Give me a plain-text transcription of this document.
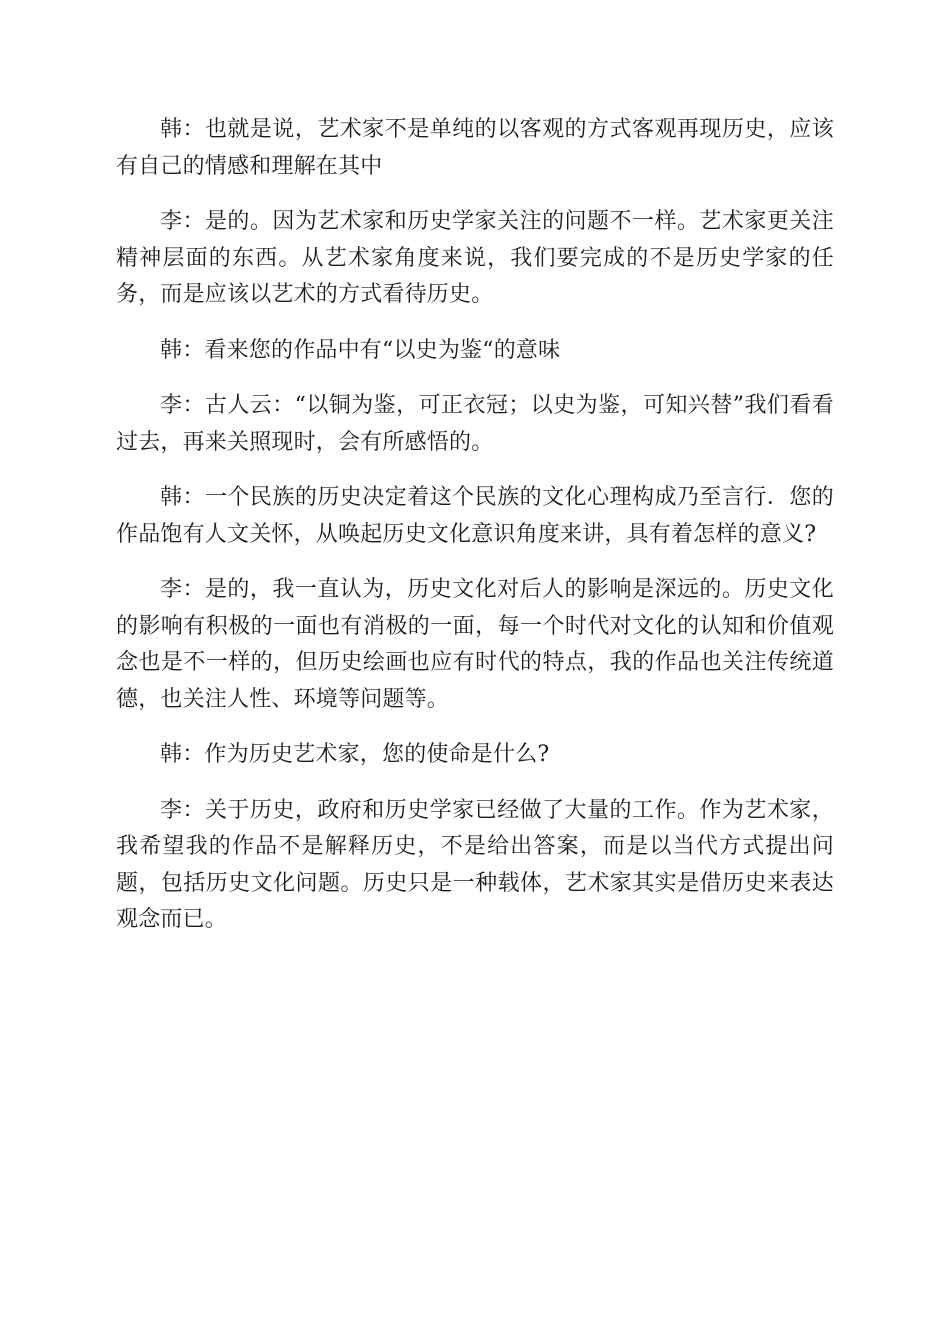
韩：也就是说，艺术家不是单纯的以客观的方式客观再现历史，应该有自己的情感和理解在其中

李：是的。因为艺术家和历史学家关注的问题不一样。艺术家更关注精神层面的东西。从艺术家角度来说，我们要完成的不是历史学家的任务，而是应该以艺术的方式看待历史。

韩：看来您的作品中有“以史为鉴“的意味

李：古人云：“以铜为鉴，可正衣冠；以史为鉴，可知兴替”我们看看过去，再来关照现时，会有所感悟的。

韩：一个民族的历史决定着这个民族的文化心理构成乃至言行．您的作品饱有人文关怀，从唤起历史文化意识角度来讲，具有着怎样的意义?

李：是的，我一直认为，历史文化对后人的影响是深远的。历史文化的影响有积极的一面也有消极的一面，每一个时代对文化的认知和价值观念也是不一样的，但历史绘画也应有时代的特点，我的作品也关注传统道德，也关注人性、环境等问题等。

韩：作为历史艺术家，您的使命是什么?

李：关于历史，政府和历史学家已经做了大量的工作。作为艺术家，我希望我的作品不是解释历史，不是给出答案，而是以当代方式提出问题，包括历史文化问题。历史只是一种载体，艺术家其实是借历史来表达观念而已。
